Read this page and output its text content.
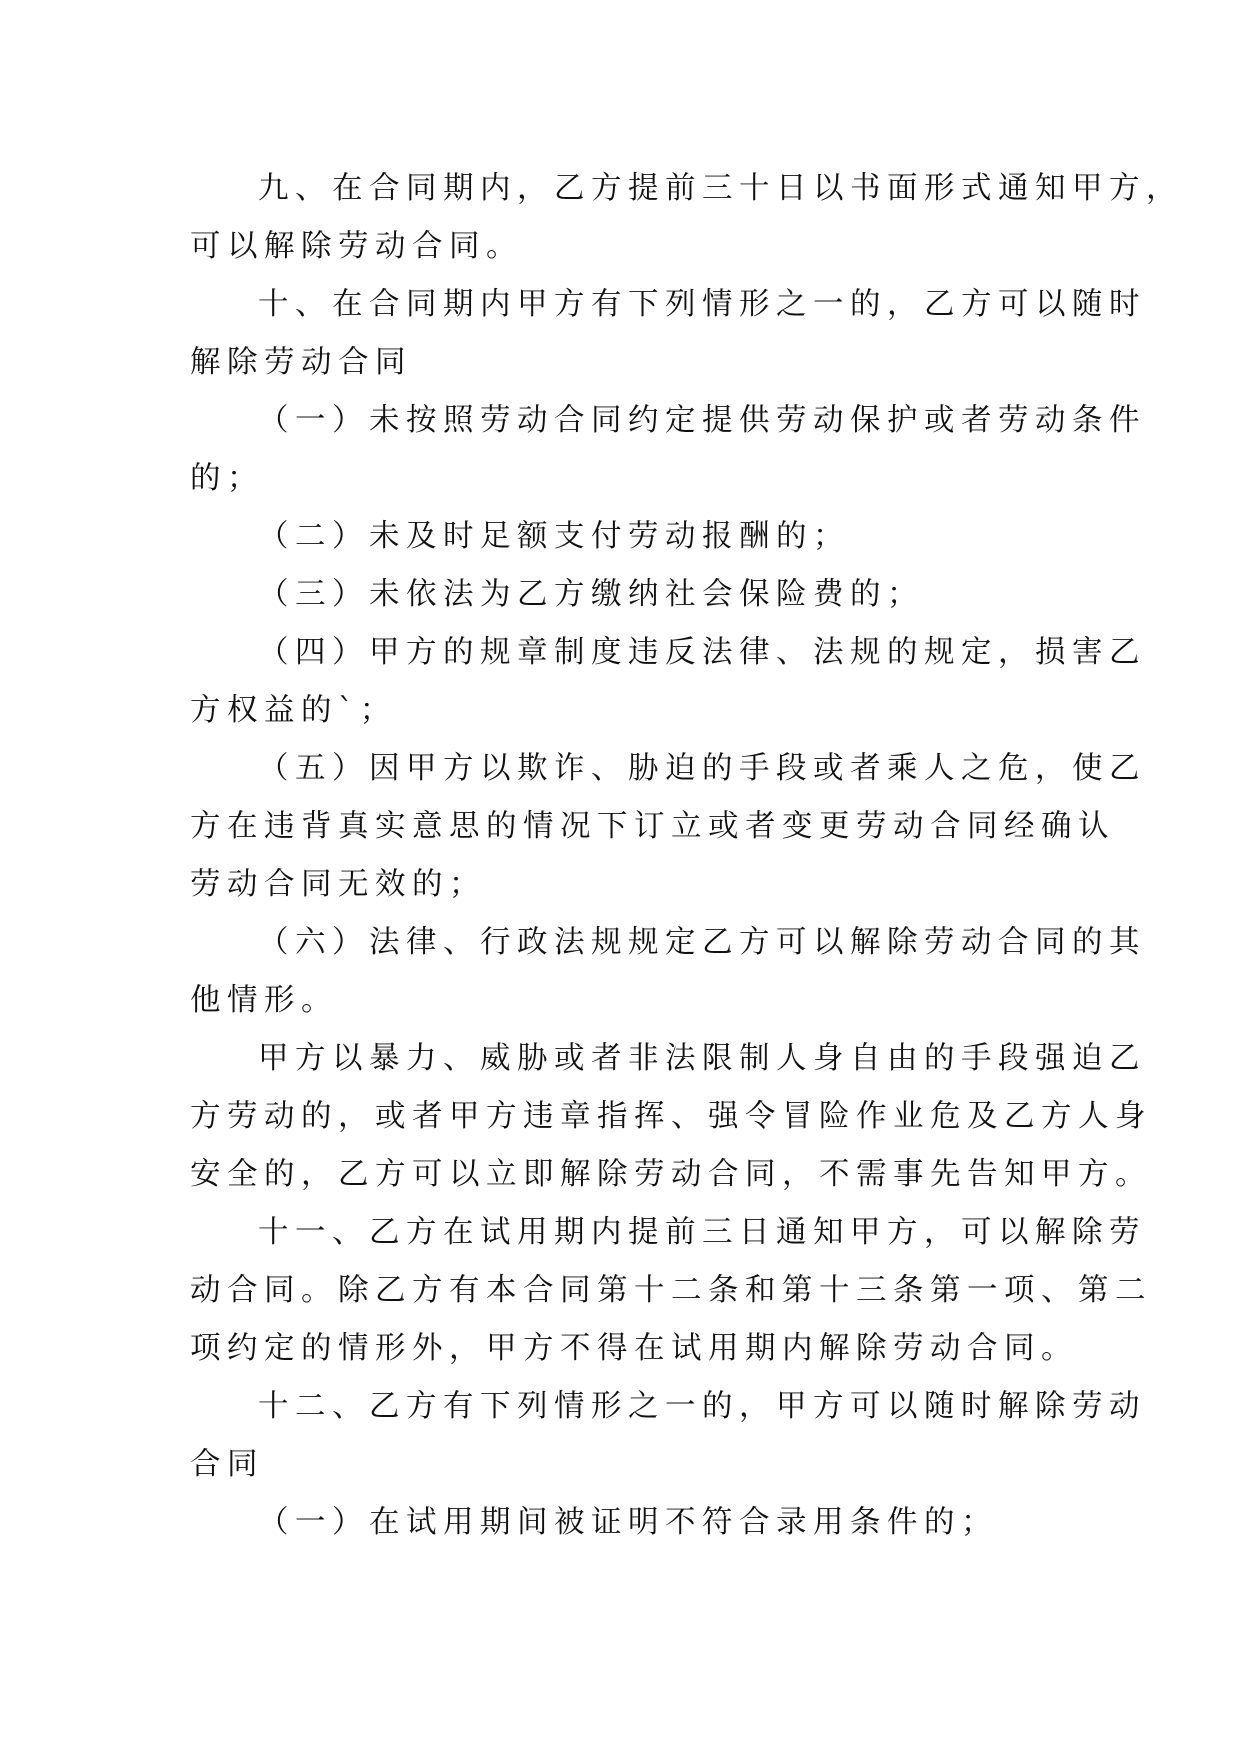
九、在合同期内，乙方提前三十日以书面形式通知甲方，

可以解除劳动合同。

十、在合同期内甲方有下列情形之一的，乙方可以随时

解除劳动合同

（一）未按照劳动合同约定提供劳动保护或者劳动条件

的；

（二）未及时足额支付劳动报酬的；

（三）未依法为乙方缴纳社会保险费的；

（四）甲方的规章制度违反法律、法规的规定，损害乙

方权益的`；

（五）因甲方以欺诈、胁迫的手段或者乘人之危，使乙

方在违背真实意思的情况下订立或者变更劳动合同经确认

劳动合同无效的；

（六）法律、行政法规规定乙方可以解除劳动合同的其

他情形。

甲方以暴力、威胁或者非法限制人身自由的手段强迫乙

方劳动的，或者甲方违章指挥、强令冒险作业危及乙方人身

安全的，乙方可以立即解除劳动合同，不需事先告知甲方。

十一、乙方在试用期内提前三日通知甲方，可以解除劳

动合同。除乙方有本合同第十二条和第十三条第一项、第二

项约定的情形外，甲方不得在试用期内解除劳动合同。

十二、乙方有下列情形之一的，甲方可以随时解除劳动

合同

（一）在试用期间被证明不符合录用条件的；
